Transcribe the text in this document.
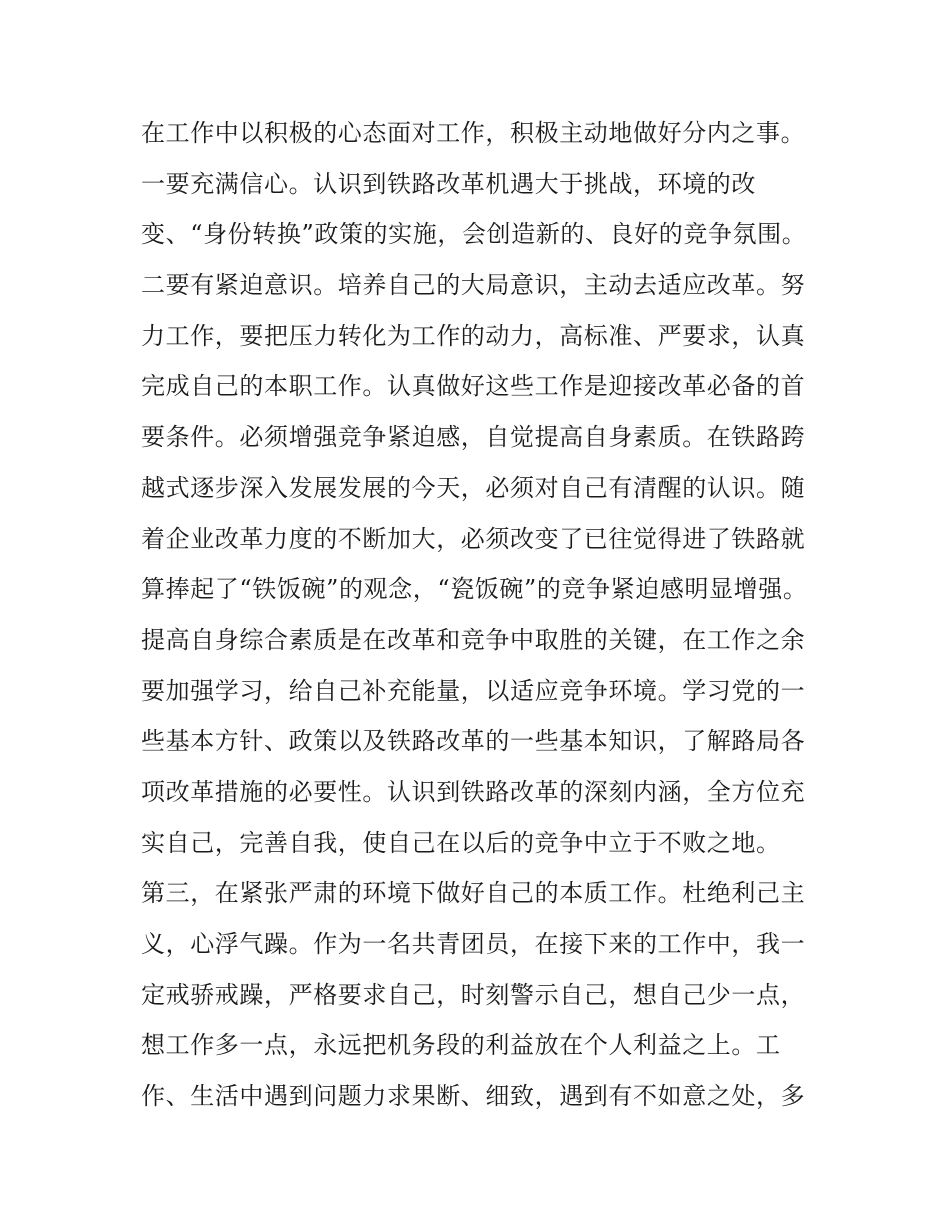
在工作中以积极的心态面对工作，积极主动地做好分内之事。
一要充满信心。认识到铁路改革机遇大于挑战，环境的改
变、“身份转换”政策的实施，会创造新的、良好的竞争氛围。
二要有紧迫意识。培养自己的大局意识，主动去适应改革。努
力工作，要把压力转化为工作的动力，高标准、严要求，认真
完成自己的本职工作。认真做好这些工作是迎接改革必备的首
要条件。必须增强竞争紧迫感，自觉提高自身素质。在铁路跨
越式逐步深入发展发展的今天，必须对自己有清醒的认识。随
着企业改革力度的不断加大，必须改变了已往觉得进了铁路就
算捧起了“铁饭碗”的观念，“瓷饭碗”的竞争紧迫感明显增强。
提高自身综合素质是在改革和竞争中取胜的关键，在工作之余
要加强学习，给自己补充能量，以适应竞争环境。学习党的一
些基本方针、政策以及铁路改革的一些基本知识，了解路局各
项改革措施的必要性。认识到铁路改革的深刻内涵，全方位充
实自己，完善自我，使自己在以后的竞争中立于不败之地。
第三，在紧张严肃的环境下做好自己的本质工作。杜绝利己主
义，心浮气躁。作为一名共青团员，在接下来的工作中，我一
定戒骄戒躁，严格要求自己，时刻警示自己，想自己少一点，
想工作多一点，永远把机务段的利益放在个人利益之上。工
作、生活中遇到问题力求果断、细致，遇到有不如意之处，多
